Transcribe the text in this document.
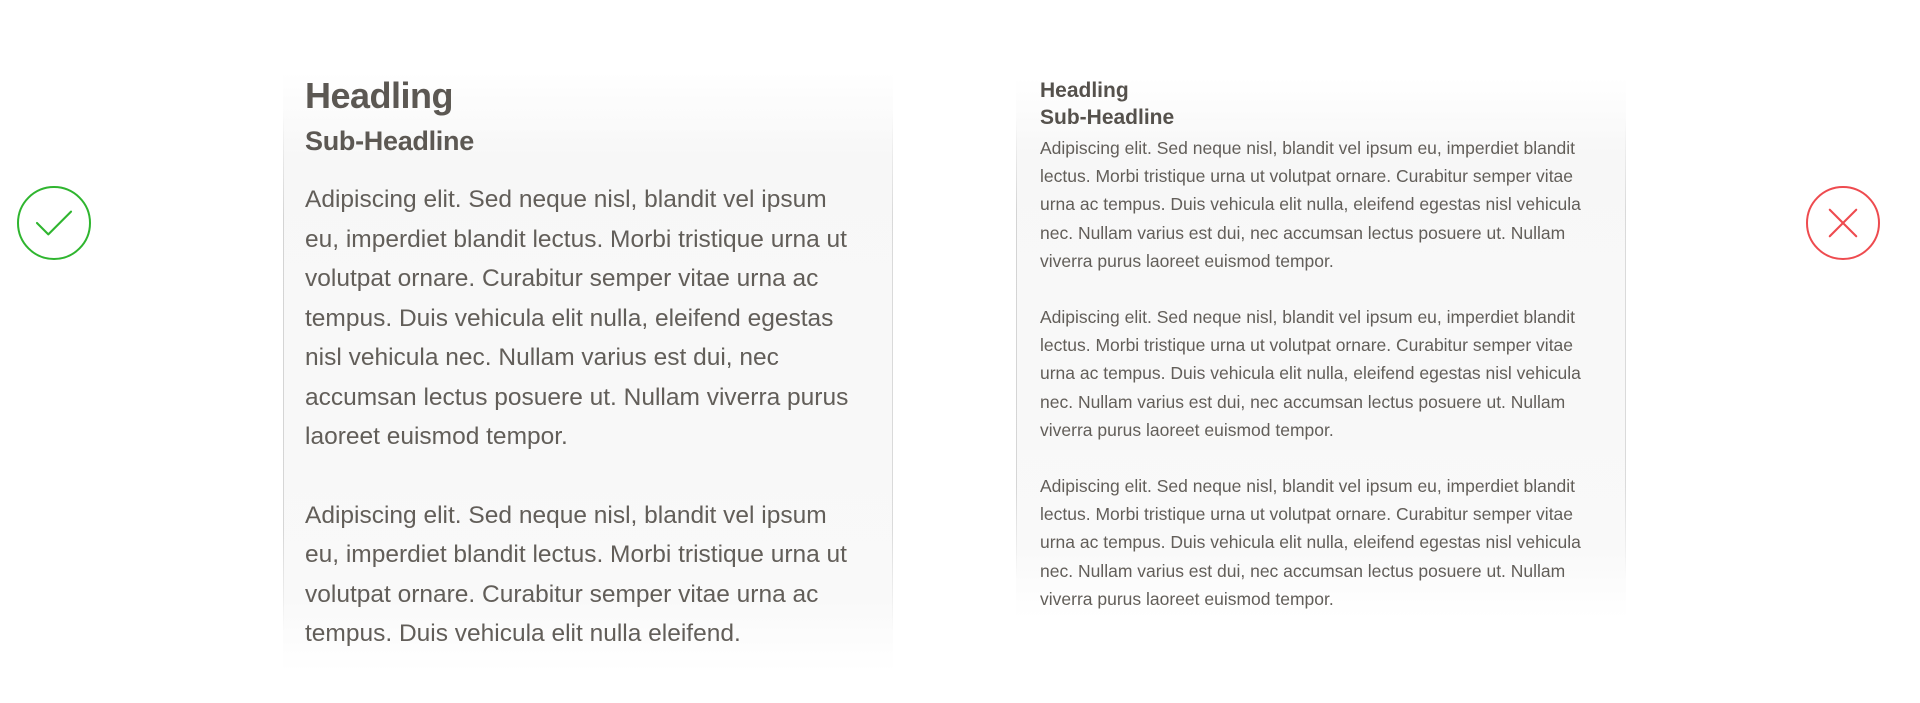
Headling
Sub-Headline

Adipiscing elit. Sed neque nisl, blandit vel ipsum eu, imperdiet blandit lectus. Morbi tristique urna ut volutpat ornare. Curabitur semper vitae urna ac tempus. Duis vehicula elit nulla, eleifend egestas nisl vehicula nec. Nullam varius est dui, nec accumsan lectus posuere ut. Nullam viverra purus laoreet euismod tempor.

Adipiscing elit. Sed neque nisl, blandit vel ipsum eu, imperdiet blandit lectus. Morbi tristique urna ut volutpat ornare. Curabitur semper vitae urna ac tempus. Duis vehicula elit nulla eleifend.

Headling
Sub-Headline

Adipiscing elit. Sed neque nisl, blandit vel ipsum eu, imperdiet blandit lectus. Morbi tristique urna ut volutpat ornare. Curabitur semper vitae urna ac tempus. Duis vehicula elit nulla, eleifend egestas nisl vehicula nec. Nullam varius est dui, nec accumsan lectus posuere ut. Nullam viverra purus laoreet euismod tempor.

Adipiscing elit. Sed neque nisl, blandit vel ipsum eu, imperdiet blandit lectus. Morbi tristique urna ut volutpat ornare. Curabitur semper vitae urna ac tempus. Duis vehicula elit nulla, eleifend egestas nisl vehicula nec. Nullam varius est dui, nec accumsan lectus posuere ut. Nullam viverra purus laoreet euismod tempor.

Adipiscing elit. Sed neque nisl, blandit vel ipsum eu, imperdiet blandit lectus. Morbi tristique urna ut volutpat ornare. Curabitur semper vitae urna ac tempus. Duis vehicula elit nulla, eleifend egestas nisl vehicula nec. Nullam varius est dui, nec accumsan lectus posuere ut. Nullam viverra purus laoreet euismod tempor.
